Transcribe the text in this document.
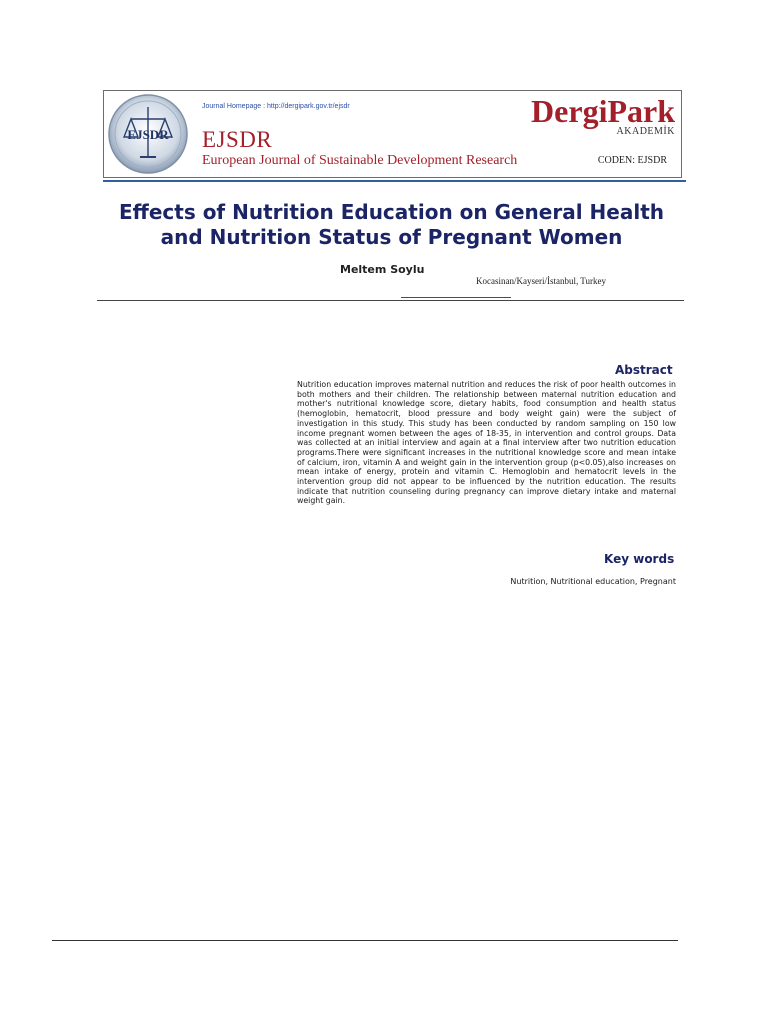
EJSDR
Journal Homepage : http://dergipark.gov.tr/ejsdr
EJSDR
European Journal of Sustainable Development Research
DergiPark
AKADEMİK
CODEN: EJSDR
Effects of Nutrition Education on General Health
and Nutrition Status of Pregnant Women
Meltem Soylu
Kocasinan/Kayseri/İstanbul, Turkey
Abstract
Nutrition education improves maternal nutrition and reduces the risk of poor health outcomes in both mothers and their children. The relationship between maternal nutrition education and mother's nutritional knowledge score, dietary habits, food consumption and health status (hemoglobin, hematocrit, blood pressure and body weight gain) were the subject of investigation in this study. This study has been conducted by random sampling on 150 low income pregnant women between the ages of 18-35, in intervention and control groups. Data was collected at an initial interview and again at a final interview after two nutrition education programs.There were significant increases in the nutritional knowledge score and mean intake of calcium, iron, vitamin A and weight gain in the intervention group (p<0.05),also increases on mean intake of energy, protein and vitamin C. Hemoglobin and hematocrit levels in the intervention group did not appear to be influenced by the nutrition education. The results indicate that nutrition counseling during pregnancy can improve dietary intake and maternal weight gain.
Key words
Nutrition, Nutritional education, Pregnant
